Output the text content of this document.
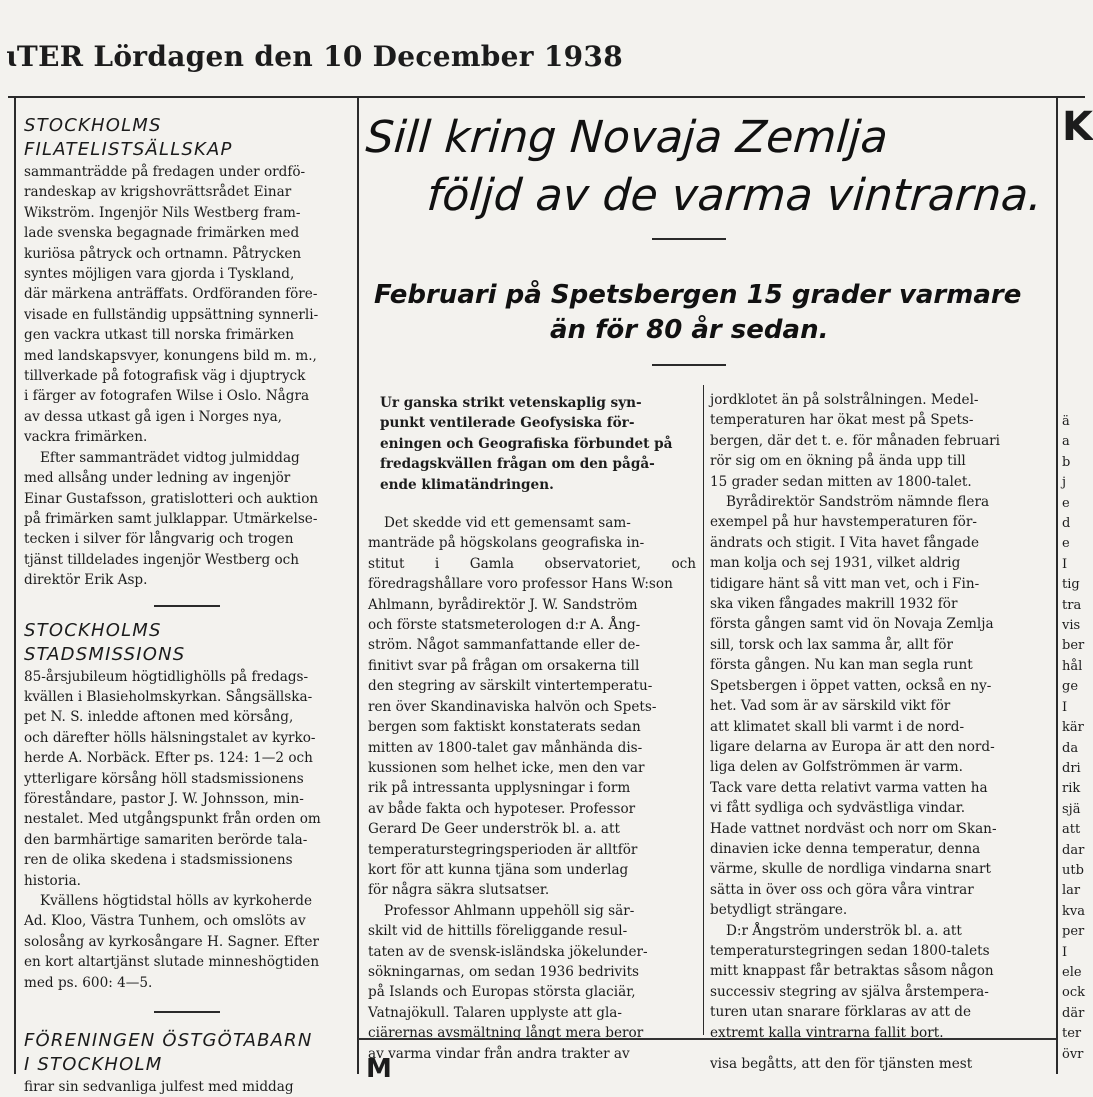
ɩTER Lördagen den 10 December 1938
STOCKHOLMS
FILATELISTSÄLLSKAP

sammanträdde på fredagen under ordfö-
randeskap av krigshovrättsrådet Einar
Wikström. Ingenjör Nils Westberg fram-
lade svenska begagnade frimärken med
kuriösa påtryck och ortnamn. Påtrycken
syntes möjligen vara gjorda i Tyskland,
där märkena anträffats. Ordföranden före-
visade en fullständig uppsättning synnerli-
gen vackra utkast till norska frimärken
med landskapsvyer, konungens bild m. m.,
tillverkade på fotografisk väg i djuptryck
i färger av fotografen Wilse i Oslo. Några
av dessa utkast gå igen i Norges nya,
vackra frimärken.

Efter sammanträdet vidtog julmiddag
med allsång under ledning av ingenjör
Einar Gustafsson, gratislotteri och auktion
på frimärken samt julklappar. Utmärkelse-
tecken i silver för långvarig och trogen
tjänst tilldelades ingenjör Westberg och
direktör Erik Asp.

STOCKHOLMS
STADSMISSIONS

85-årsjubileum högtidlighölls på fredags-
kvällen i Blasieholmskyrkan. Sångsällska-
pet N. S. inledde aftonen med körsång,
och därefter hölls hälsningstalet av kyrko-
herde A. Norbäck. Efter ps. 124: 1—2 och
ytterligare körsång höll stadsmissionens
föreståndare, pastor J. W. Johnsson, min-
nestalet. Med utgångspunkt från orden om
den barmhärtige samariten berörde tala-
ren de olika skedena i stadsmissionens
historia.

Kvällens högtidstal hölls av kyrkoherde
Ad. Kloo, Västra Tunhem, och omslöts av
solosång av kyrkosångare H. Sagner. Efter
en kort altartjänst slutade minneshögtiden
med ps. 600: 4—5.

FÖRENINGEN ÖSTGÖTABARN
I STOCKHOLM

firar sin sedvanliga julfest med middag

Sill kring Novaja Zemlja
följd av de varma vintrarna.
Februari på Spetsbergen 15 grader varmare
än för 80 år sedan.

Ur ganska strikt vetenskaplig syn-
punkt ventilerade Geofysiska för-
eningen och Geografiska förbundet på
fredagskvällen frågan om den pågå-
ende klimatändringen.

Det skedde vid ett gemensamt sam-
manträde på högskolans geografiska in-
stitut i Gamla observatoriet, och föredragshållare voro professor Hans W:son
Ahlmann, byrådirektör J. W. Sandström
och förste statsmeterologen d:r A. Ång-
ström. Något sammanfattande eller de-
finitivt svar på frågan om orsakerna till
den stegring av särskilt vintertemperatu-
ren över Skandinaviska halvön och Spets-
bergen som faktiskt konstaterats sedan
mitten av 1800-talet gav månhända dis-
kussionen som helhet icke, men den var
rik på intressanta upplysningar i form
av både fakta och hypoteser. Professor
Gerard De Geer underströk bl. a. att
temperaturstegringsperioden är alltför
kort för att kunna tjäna som underlag
för några säkra slutsatser.

Professor Ahlmann uppehöll sig sär-
skilt vid de hittills föreliggande resul-
taten av de svensk-isländska jökelunder-
sökningarnas, om sedan 1936 bedrivits
på Islands och Europas största glaciär,
Vatnajökull. Talaren upplyste att gla-
ciärernas avsmältning långt mera beror
av varma vindar från andra trakter av

jordklotet än på solstrålningen. Medel-
temperaturen har ökat mest på Spets-
bergen, där det t. e. för månaden februari
rör sig om en ökning på ända upp till
15 grader sedan mitten av 1800-talet.

Byrådirektör Sandström nämnde flera
exempel på hur havstemperaturen för-
ändrats och stigit. I Vita havet fångade
man kolja och sej 1931, vilket aldrig
tidigare hänt så vitt man vet, och i Fin-
ska viken fångades makrill 1932 för
första gången samt vid ön Novaja Zemlja
sill, torsk och lax samma år, allt för
första gången. Nu kan man segla runt
Spetsbergen i öppet vatten, också en ny-
het. Vad som är av särskild vikt för
att klimatet skall bli varmt i de nord-
ligare delarna av Europa är att den nord-
liga delen av Golfströmmen är varm.
Tack vare detta relativt varma vatten ha
vi fått sydliga och sydvästliga vindar.
Hade vattnet nordväst och norr om Skan-
dinavien icke denna temperatur, denna
värme, skulle de nordliga vindarna snart
sätta in över oss och göra våra vintrar
betydligt strängare.

D:r Ångström underströk bl. a. att
temperaturstegringen sedan 1800-talets
mitt knappast får betraktas såsom någon
successiv stegring av själva årstempera-
turen utan snarare förklaras av att de
extremt kalla vintrarna fallit bort.

M	visa begåtts, att den för tjänsten mest

K

ä

a

b

j

e

d

e

I

tig

tra

vis

ber

hål

ge

I

kär

da

dri

rik

sjä

att

dar

utb

lar

kva

per

I

ele

ock

där

ter

övr
